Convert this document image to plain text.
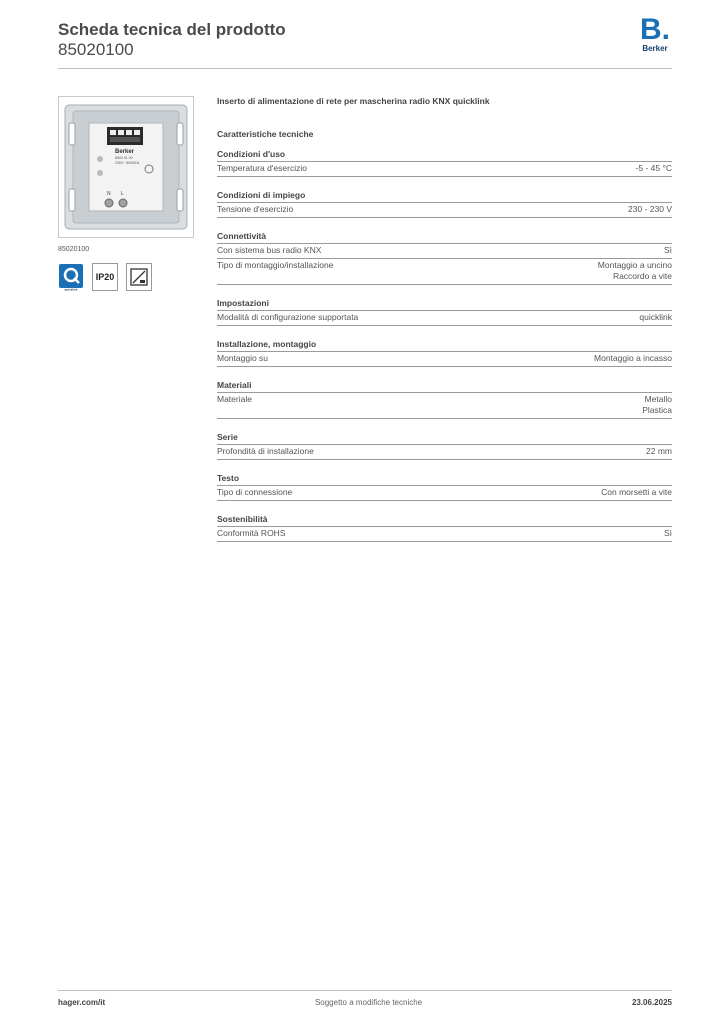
Scheda tecnica del prodotto
85020100
B.
Berker
Berker
8502 01 00
230V~ 50/60Hz
N L
85020100
quicklink
IP20
Inserto di alimentazione di rete per mascherina radio KNX quicklink
Caratteristiche tecniche
Condizioni d'uso
Temperatura d'esercizio	-5 - 45 °C
Condizioni di impiego
Tensione d'esercizio	230 - 230 V
Connettività
Con sistema bus radio KNX	Sì
Tipo di montaggio/installazione	Montaggio a uncino
Raccordo a vite
Impostazioni
Modalità di configurazione supportata	quicklink
Installazione, montaggio
Montaggio su	Montaggio a incasso
Materiali
Materiale	Metallo
Plastica
Serie
Profondità di installazione	22 mm
Testo
Tipo di connessione	Con morsetti a vite
Sostenibilità
Conformità ROHS	Sì
hager.com/it	Soggetto a modifiche tecniche	23.06.2025
